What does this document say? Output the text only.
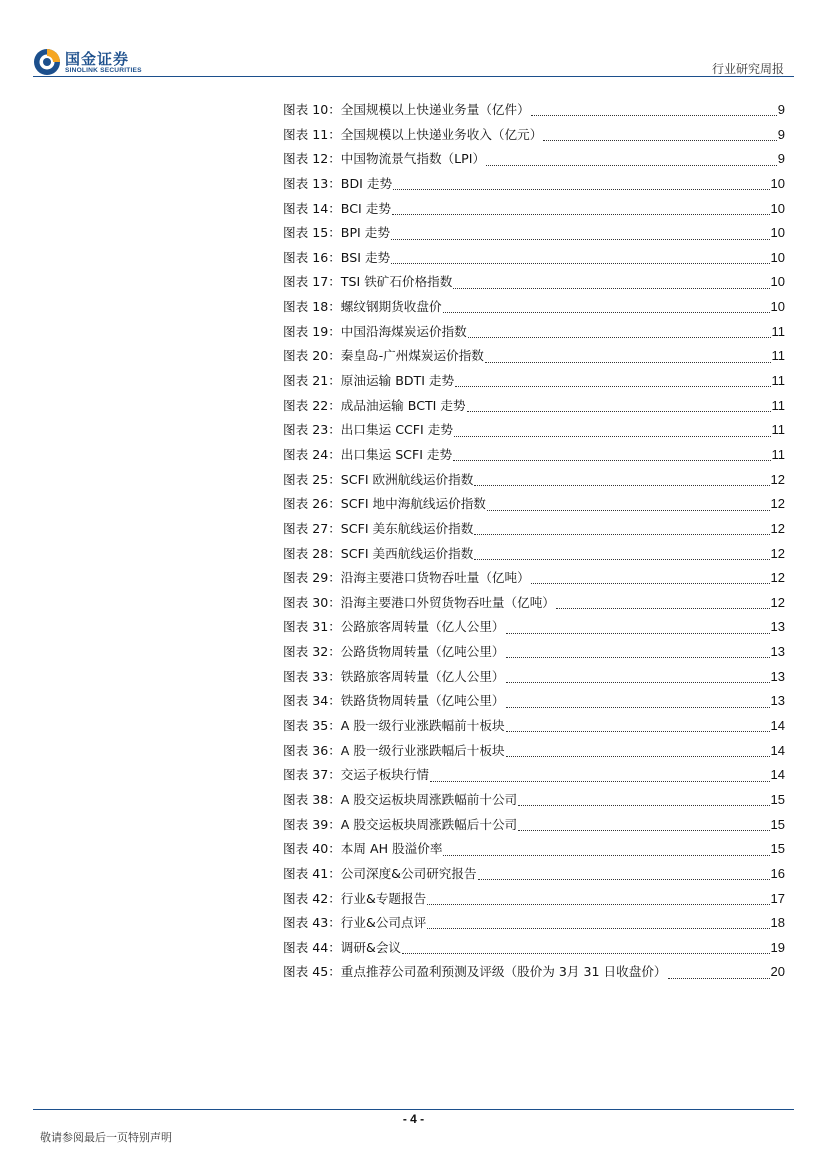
国金证券
SINOLINK SECURITIES	行业研究周报
图表 10：全国规模以上快递业务量（亿件）	9
图表 11：全国规模以上快递业务收入（亿元）	9
图表 12：中国物流景气指数（LPI）	9
图表 13：BDI 走势	10
图表 14：BCI 走势	10
图表 15：BPI 走势	10
图表 16：BSI 走势	10
图表 17：TSI 铁矿石价格指数	10
图表 18：螺纹钢期货收盘价	10
图表 19：中国沿海煤炭运价指数	11
图表 20：秦皇岛-广州煤炭运价指数	11
图表 21：原油运输 BDTI 走势	11
图表 22：成品油运输 BCTI 走势	11
图表 23：出口集运 CCFI 走势	11
图表 24：出口集运 SCFI 走势	11
图表 25：SCFI 欧洲航线运价指数	12
图表 26：SCFI 地中海航线运价指数	12
图表 27：SCFI 美东航线运价指数	12
图表 28：SCFI 美西航线运价指数	12
图表 29：沿海主要港口货物吞吐量（亿吨）	12
图表 30：沿海主要港口外贸货物吞吐量（亿吨）	12
图表 31：公路旅客周转量（亿人公里）	13
图表 32：公路货物周转量（亿吨公里）	13
图表 33：铁路旅客周转量（亿人公里）	13
图表 34：铁路货物周转量（亿吨公里）	13
图表 35：A 股一级行业涨跌幅前十板块	14
图表 36：A 股一级行业涨跌幅后十板块	14
图表 37：交运子板块行情	14
图表 38：A 股交运板块周涨跌幅前十公司	15
图表 39：A 股交运板块周涨跌幅后十公司	15
图表 40：本周 AH 股溢价率	15
图表 41：公司深度&公司研究报告	16
图表 42：行业&专题报告	17
图表 43：行业&公司点评	18
图表 44：调研&会议	19
图表 45：重点推荐公司盈利预测及评级（股价为 3月 31 日收盘价）	20
- 4 -
敬请参阅最后一页特别声明
